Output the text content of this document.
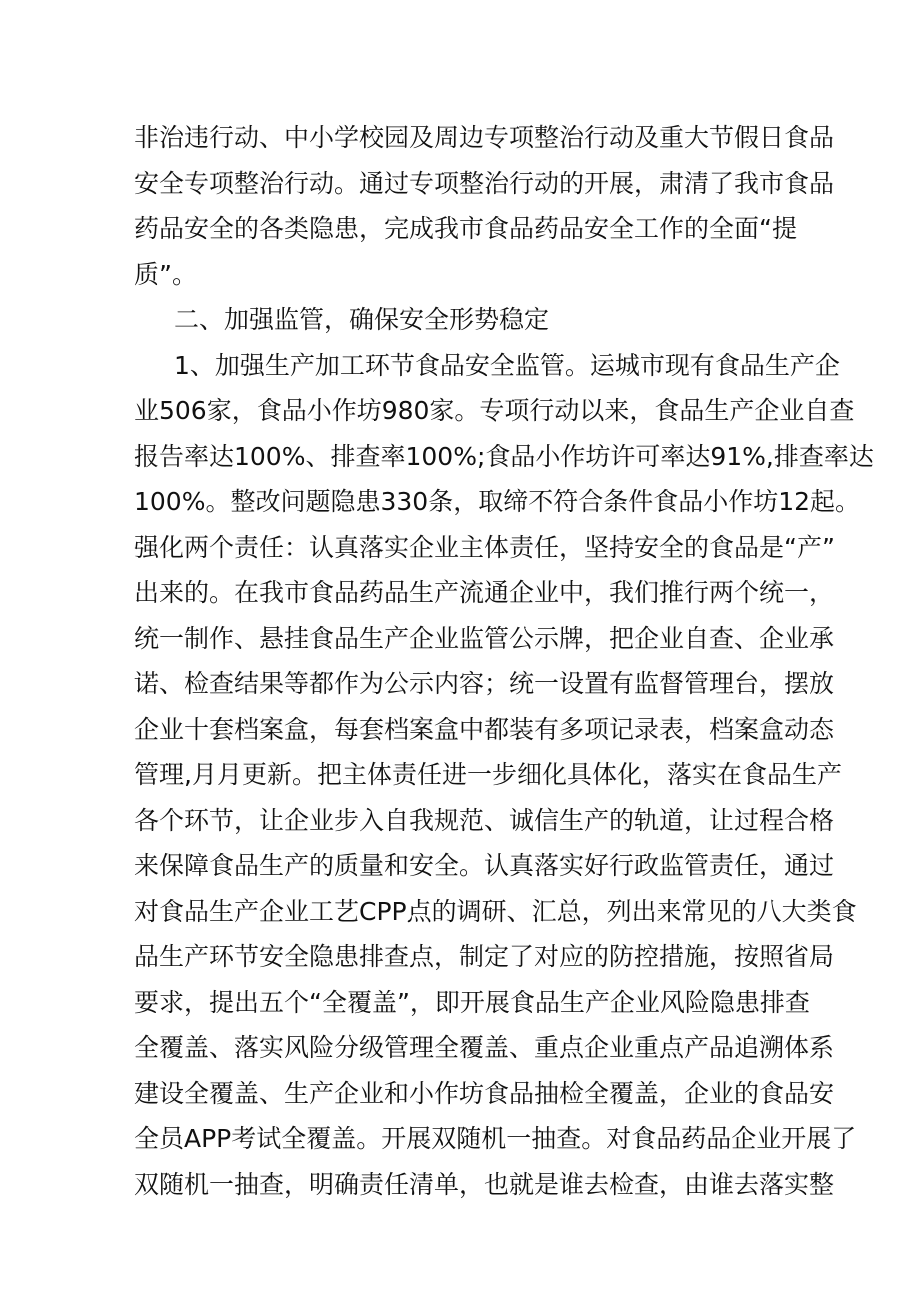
非治违行动、中小学校园及周边专项整治行动及重大节假日食品
安全专项整治行动。通过专项整治行动的开展，肃清了我市食品
药品安全的各类隐患，完成我市食品药品安全工作的全面“提
质”。
二、加强监管，确保安全形势稳定
1、加强生产加工环节食品安全监管。运城市现有食品生产企
业506家，食品小作坊980家。专项行动以来，食品生产企业自查
报告率达100%、排查率100%;食品小作坊许可率达91%,排查率达
100%。整改问题隐患330条，取缔不符合条件食品小作坊12起。
强化两个责任：认真落实企业主体责任，坚持安全的食品是“产”
出来的。在我市食品药品生产流通企业中，我们推行两个统一，
统一制作、悬挂食品生产企业监管公示牌，把企业自查、企业承
诺、检查结果等都作为公示内容；统一设置有监督管理台，摆放
企业十套档案盒，每套档案盒中都装有多项记录表，档案盒动态
管理,月月更新。把主体责任进一步细化具体化，落实在食品生产
各个环节，让企业步入自我规范、诚信生产的轨道，让过程合格
来保障食品生产的质量和安全。认真落实好行政监管责任，通过
对食品生产企业工艺CPP点的调研、汇总，列出来常见的八大类食
品生产环节安全隐患排查点，制定了对应的防控措施，按照省局
要求，提出五个“全覆盖”，即开展食品生产企业风险隐患排查
全覆盖、落实风险分级管理全覆盖、重点企业重点产品追溯体系
建设全覆盖、生产企业和小作坊食品抽检全覆盖，企业的食品安
全员APP考试全覆盖。开展双随机一抽查。对食品药品企业开展了
双随机一抽查，明确责任清单，也就是谁去检查，由谁去落实整
